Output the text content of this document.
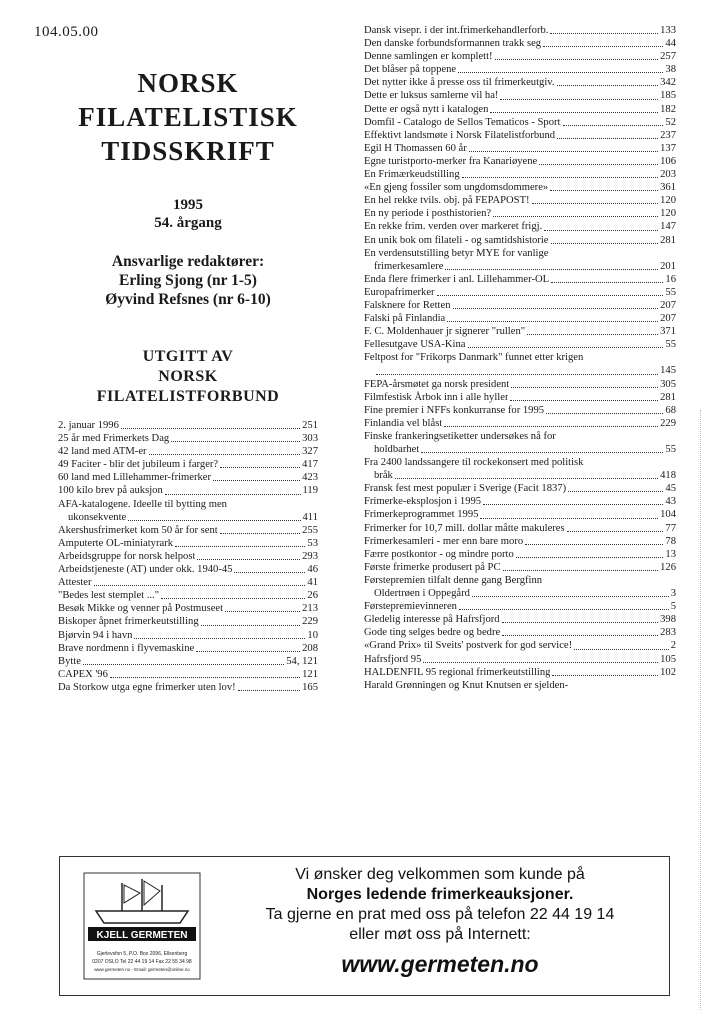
104.05.00
NORSK
FILATELISTISK
TIDSSKRIFT
1995
54. årgang
Ansvarlige redaktører:
Erling Sjong (nr 1-5)
Øyvind Refsnes (nr 6-10)
UTGITT AV
NORSK
FILATELISTFORBUND
2. januar 1996	251
25 år med Frimerkets Dag	303
42 land med ATM-er	327
49 Faciter - blir det jubileum i farger?	417
60 land med Lillehammer-frimerker	423
100 kilo brev på auksjon	119
AFA-katalogene. Ideelle til bytting men
ukonsekvente	411
Akershusfrimerket kom 50 år for sent	255
Amputerte OL-miniatyrark	53
Arbeidsgruppe for norsk helpost	293
Arbeidstjeneste (AT) under okk. 1940-45	46
Attester	41
"Bedes lest stemplet ..."	26
Besøk Mikke og venner på Postmuseet	213
Biskoper åpnet frimerkeutstilling	229
Bjørvin 94 i havn	10
Brave nordmenn i flyvemaskine	208
Bytte	54, 121
CAPEX '96	121
Da Storkow utga egne frimerker uten lov!	165
Dansk visepr. i der int.frimerkehandlerforb.	133
Den danske forbundsformannen trakk seg	44
Denne samlingen er komplett!	257
Det blåser på toppene	38
Det nytter ikke å presse oss til frimerkeutgiv.	342
Dette er luksus samlerne vil ha!	185
Dette er også nytt i katalogen	182
Domfil - Catalogo de Sellos Tematicos - Sport	52
Effektivt landsmøte i Norsk Filatelistforbund	237
Egil H Thomassen 60 år	137
Egne turistporto-merker fra Kanariøyene	106
En Frimærkeudstilling	203
«En gjeng fossiler som ungdomsdommere»	361
En hel rekke tvils. obj. på FEPAPOST!	120
En ny periode i posthistorien?	120
En rekke frim. verden over markeret frigj.	147
En unik bok om filateli - og samtidshistorie	281
En verdensutstilling betyr MYE for vanlige
frimerkesamlere	201
Enda flere frimerker i anl. Lillehammer-OL	16
Europafrimerker	55
Falsknere for Retten	207
Falski på Finlandia	207
F. C. Moldenhauer jr signerer "rullen"	371
Fellesutgave USA-Kina	55
Feltpost for "Frikorps Danmark" funnet etter krigen
145
FEPA-årsmøtet ga norsk president	305
Filmfestisk Årbok inn i alle hyller	281
Fine premier i NFFs konkurranse for 1995	68
Finlandia vel blåst	229
Finske frankeringsetiketter undersøkes nå for
holdbarhet	55
Fra 2400 landssangere til rockekonsert med politisk
bråk	418
Fransk fest mest populær i Sverige (Facit 1837)	45
Frimerke-eksplosjon i 1995	43
Frimerkeprogrammet 1995	104
Frimerker for 10,7 mill. dollar måtte makuleres	77
Frimerkesamleri - mer enn bare moro	78
Færre postkontor - og mindre porto	13
Første frimerke produsert på PC	126
Førstepremien tilfalt denne gang Bergfinn
Oldertrøen i Oppegård	3
Førstepremievinneren	5
Gledelig interesse på Hafrsfjord	398
Gode ting selges bedre og bedre	283
«Grand Prix» til Sveits' postverk for god service!	2
Hafrsfjord 95	105
HALDENFIL 95 regional frimerkeutstilling	102
Harald Grønningen og Knut Knutsen er sjelden-
KJELL GERMETEN
Gjerlevsfon 5, P.O. Box 2096, Ellsenberg
0207 OSLO Tel 22 44 19 14 Fax 22 55 34 98
www.germeten.no - Email: germeten@online.no
Vi ønsker deg velkommen som kunde på
Norges ledende frimerkeauksjoner.
Ta gjerne en prat med oss på telefon 22 44 19 14
eller møt oss på Internett:
www.germeten.no
